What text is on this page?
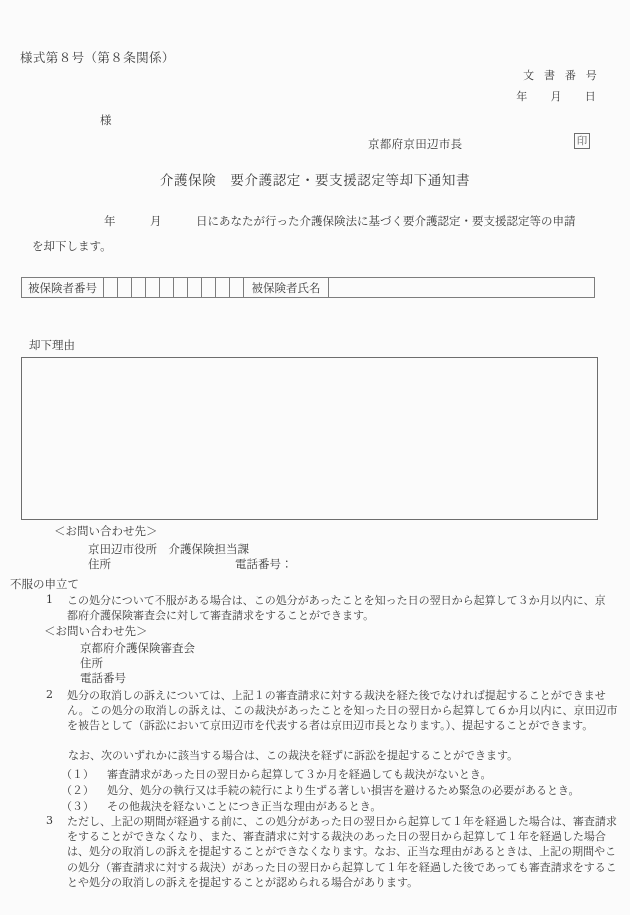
様式第８号（第８条関係）
文 書 番 号
年   月   日
様
京都府京田辺市長	印
介護保険　要介護認定・要支援認定等却下通知書
年　　　月　　　日にあなたが行った介護保険法に基づく要介護認定・要支援認定等の申請
を却下します。
被保険者番号											被保険者氏名	
却下理由
＜お問い合わせ先＞
京田辺市役所　介護保険担当課
住所	電話番号：
不服の申立て
1 この処分について不服がある場合は、この処分があったことを知った日の翌日から起算して３か月以内に、京都府介護保険審査会に対して審査請求をすることができます。
＜お問い合わせ先＞
京都府介護保険審査会
住所
電話番号
2 処分の取消しの訴えについては、上記１の審査請求に対する裁決を経た後でなければ提起することができません。この処分の取消しの訴えは、この裁決があったことを知った日の翌日から起算して６か月以内に、京田辺市を被告として（訴訟において京田辺市を代表する者は京田辺市長となります。）、提起することができます。
なお、次のいずれかに該当する場合は、この裁決を経ずに訴訟を提起することができます。
（１） 審査請求があった日の翌日から起算して３か月を経過しても裁決がないとき。
（２） 処分、処分の執行又は手続の続行により生ずる著しい損害を避けるため緊急の必要があるとき。
（３） その他裁決を経ないことにつき正当な理由があるとき。
3 ただし、上記の期間が経過する前に、この処分があった日の翌日から起算して１年を経過した場合は、審査請求をすることができなくなり、また、審査請求に対する裁決のあった日の翌日から起算して１年を経過した場合は、処分の取消しの訴えを提起することができなくなります。なお、正当な理由があるときは、上記の期間やこの処分（審査請求に対する裁決）があった日の翌日から起算して１年を経過した後であっても審査請求をすることや処分の取消しの訴えを提起することが認められる場合があります。
